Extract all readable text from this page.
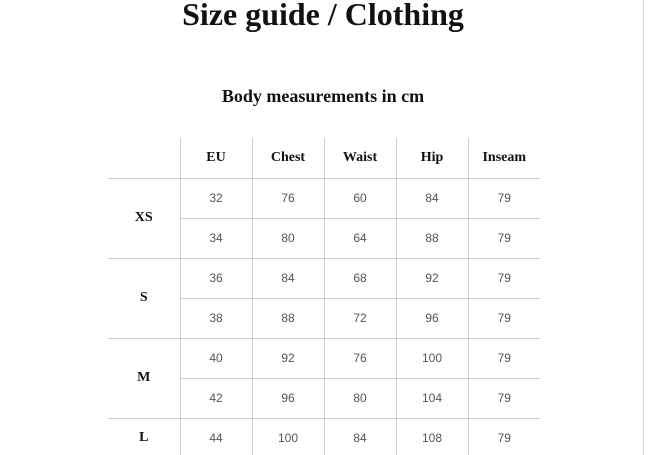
Size guide / Clothing
Body measurements in cm
	EU	Chest	Waist	Hip	Inseam
XS	32	76	60	84	79
	34	80	64	88	79
S	36	84	68	92	79
	38	88	72	96	79
M	40	92	76	100	79
	42	96	80	104	79
L	44	100	84	108	79
